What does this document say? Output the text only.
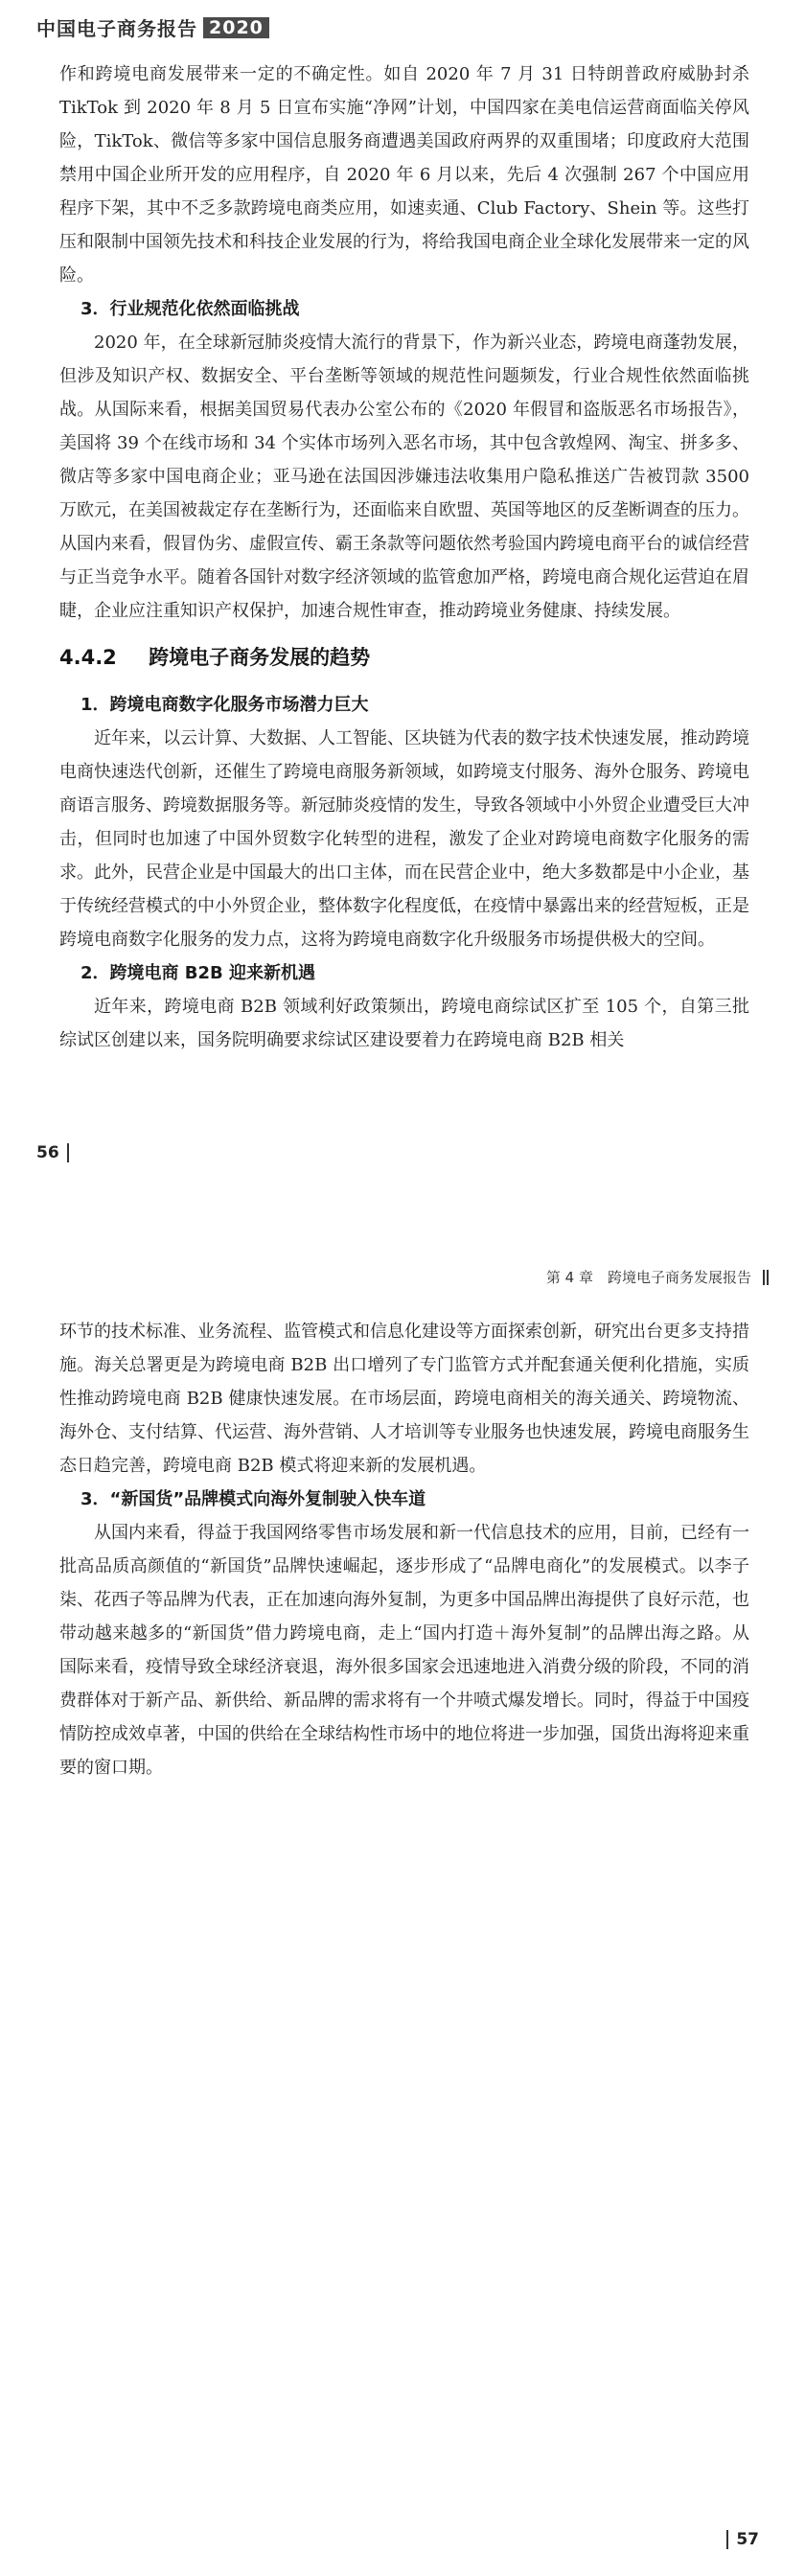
中国电子商务报告 2020

作和跨境电商发展带来一定的不确定性。如自 2020 年 7 月 31 日特朗普政府威胁封杀 TikTok 到 2020 年 8 月 5 日宣布实施“净网”计划，中国四家在美电信运营商面临关停风险，TikTok、微信等多家中国信息服务商遭遇美国政府两界的双重围堵；印度政府大范围禁用中国企业所开发的应用程序，自 2020 年 6 月以来，先后 4 次强制 267 个中国应用程序下架，其中不乏多款跨境电商类应用，如速卖通、Club Factory、Shein 等。这些打压和限制中国领先技术和科技企业发展的行为，将给我国电商企业全球化发展带来一定的风险。

3．行业规范化依然面临挑战

2020 年，在全球新冠肺炎疫情大流行的背景下，作为新兴业态，跨境电商蓬勃发展，但涉及知识产权、数据安全、平台垄断等领域的规范性问题频发，行业合规性依然面临挑战。从国际来看，根据美国贸易代表办公室公布的《2020 年假冒和盗版恶名市场报告》，美国将 39 个在线市场和 34 个实体市场列入恶名市场，其中包含敦煌网、淘宝、拼多多、微店等多家中国电商企业；亚马逊在法国因涉嫌违法收集用户隐私推送广告被罚款 3500 万欧元，在美国被裁定存在垄断行为，还面临来自欧盟、英国等地区的反垄断调查的压力。从国内来看，假冒伪劣、虚假宣传、霸王条款等问题依然考验国内跨境电商平台的诚信经营与正当竞争水平。随着各国针对数字经济领域的监管愈加严格，跨境电商合规化运营迫在眉睫，企业应注重知识产权保护，加速合规性审查，推动跨境业务健康、持续发展。

4.4.2 跨境电子商务发展的趋势
1．跨境电商数字化服务市场潜力巨大

近年来，以云计算、大数据、人工智能、区块链为代表的数字技术快速发展，推动跨境电商快速迭代创新，还催生了跨境电商服务新领域，如跨境支付服务、海外仓服务、跨境电商语言服务、跨境数据服务等。新冠肺炎疫情的发生，导致各领域中小外贸企业遭受巨大冲击，但同时也加速了中国外贸数字化转型的进程，激发了企业对跨境电商数字化服务的需求。此外，民营企业是中国最大的出口主体，而在民营企业中，绝大多数都是中小企业，基于传统经营模式的中小外贸企业，整体数字化程度低，在疫情中暴露出来的经营短板，正是跨境电商数字化服务的发力点，这将为跨境电商数字化升级服务市场提供极大的空间。

2．跨境电商 B2B 迎来新机遇

近年来，跨境电商 B2B 领域利好政策频出，跨境电商综试区扩至 105 个，自第三批综试区创建以来，国务院明确要求综试区建设要着力在跨境电商 B2B 相关

56
第 4 章　跨境电子商务发展报告

环节的技术标准、业务流程、监管模式和信息化建设等方面探索创新，研究出台更多支持措施。海关总署更是为跨境电商 B2B 出口增列了专门监管方式并配套通关便利化措施，实质性推动跨境电商 B2B 健康快速发展。在市场层面，跨境电商相关的海关通关、跨境物流、海外仓、支付结算、代运营、海外营销、人才培训等专业服务也快速发展，跨境电商服务生态日趋完善，跨境电商 B2B 模式将迎来新的发展机遇。

3．“新国货”品牌模式向海外复制驶入快车道

从国内来看，得益于我国网络零售市场发展和新一代信息技术的应用，目前，已经有一批高品质高颜值的“新国货”品牌快速崛起，逐步形成了“品牌电商化”的发展模式。以李子柒、花西子等品牌为代表，正在加速向海外复制，为更多中国品牌出海提供了良好示范，也带动越来越多的“新国货”借力跨境电商，走上“国内打造＋海外复制”的品牌出海之路。从国际来看，疫情导致全球经济衰退，海外很多国家会迅速地进入消费分级的阶段，不同的消费群体对于新产品、新供给、新品牌的需求将有一个井喷式爆发增长。同时，得益于中国疫情防控成效卓著，中国的供给在全球结构性市场中的地位将进一步加强，国货出海将迎来重要的窗口期。

57
